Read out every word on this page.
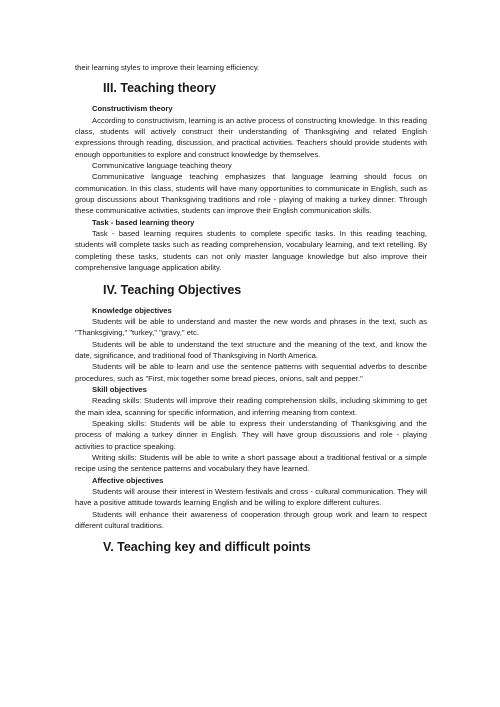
their learning styles to improve their learning efficiency.

III. Teaching theory
Constructivism theory

According to constructivism, learning is an active process of constructing knowledge. In this reading class, students will actively construct their understanding of Thanksgiving and related English expressions through reading, discussion, and practical activities. Teachers should provide students with enough opportunities to explore and construct knowledge by themselves.

Communicative language teaching theory

Communicative language teaching emphasizes that language learning should focus on communication. In this class, students will have many opportunities to communicate in English, such as group discussions about Thanksgiving traditions and role - playing of making a turkey dinner. Through these communicative activities, students can improve their English communication skills.

Task - based learning theory

Task - based learning requires students to complete specific tasks. In this reading teaching, students will complete tasks such as reading comprehension, vocabulary learning, and text retelling. By completing these tasks, students can not only master language knowledge but also improve their comprehensive language application ability.

IV. Teaching Objectives
Knowledge objectives

Students will be able to understand and master the new words and phrases in the text, such as "Thanksgiving," "turkey," "gravy," etc.

Students will be able to understand the text structure and the meaning of the text, and know the date, significance, and traditional food of Thanksgiving in North America.

Students will be able to learn and use the sentence patterns with sequential adverbs to describe procedures, such as "First, mix together some bread pieces, onions, salt and pepper."

Skill objectives

Reading skills: Students will improve their reading comprehension skills, including skimming to get the main idea, scanning for specific information, and inferring meaning from context.

Speaking skills: Students will be able to express their understanding of Thanksgiving and the process of making a turkey dinner in English. They will have group discussions and role - playing activities to practice speaking.

Writing skills: Students will be able to write a short passage about a traditional festival or a simple recipe using the sentence patterns and vocabulary they have learned.

Affective objectives

Students will arouse their interest in Western festivals and cross - cultural communication. They will have a positive attitude towards learning English and be willing to explore different cultures.

Students will enhance their awareness of cooperation through group work and learn to respect different cultural traditions.

V. Teaching key and difficult points
